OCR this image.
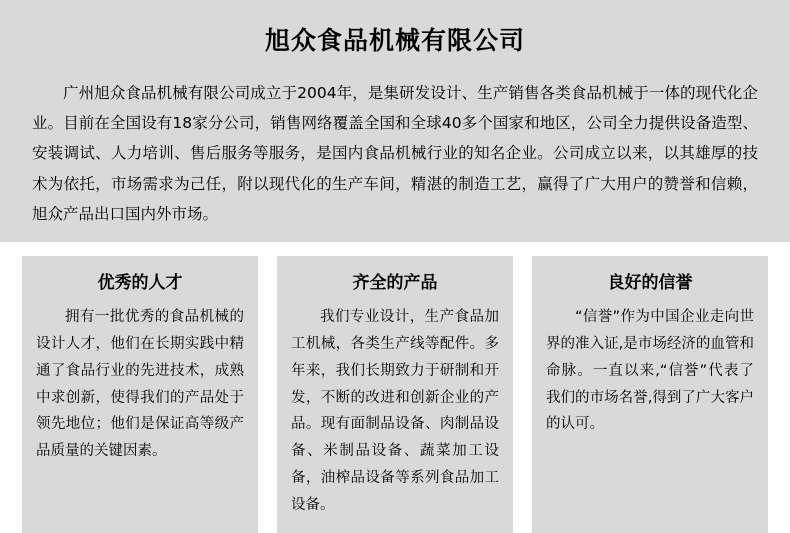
旭众食品机械有限公司

广州旭众食品机械有限公司成立于2004年，是集研发设计、生产销售各类食品机械于一体的现代化企业。目前在全国设有18家分公司，销售网络覆盖全国和全球40多个国家和地区，公司全力提供设备造型、安装调试、人力培训、售后服务等服务，是国内食品机械行业的知名企业。公司成立以来，以其雄厚的技术为依托，市场需求为己任，附以现代化的生产车间，精湛的制造工艺，赢得了广大用户的赞誉和信赖，旭众产品出口国内外市场。

优秀的人才

拥有一批优秀的食品机械的设计人才，他们在长期实践中精通了食品行业的先进技术，成熟中求创新，使得我们的产品处于领先地位；他们是保证高等级产品质量的关键因素。

齐全的产品

我们专业设计，生产食品加工机械，各类生产线等配件。多年来，我们长期致力于研制和开发，不断的改进和创新企业的产品。现有面制品设备、肉制品设备、米制品设备、蔬菜加工设备，油榨品设备等系列食品加工设备。

良好的信誉

“信誉”作为中国企业走向世界的准入证,是市场经济的血管和命脉。一直以来,“信誉”代表了我们的市场名誉,得到了广大客户的认可。
